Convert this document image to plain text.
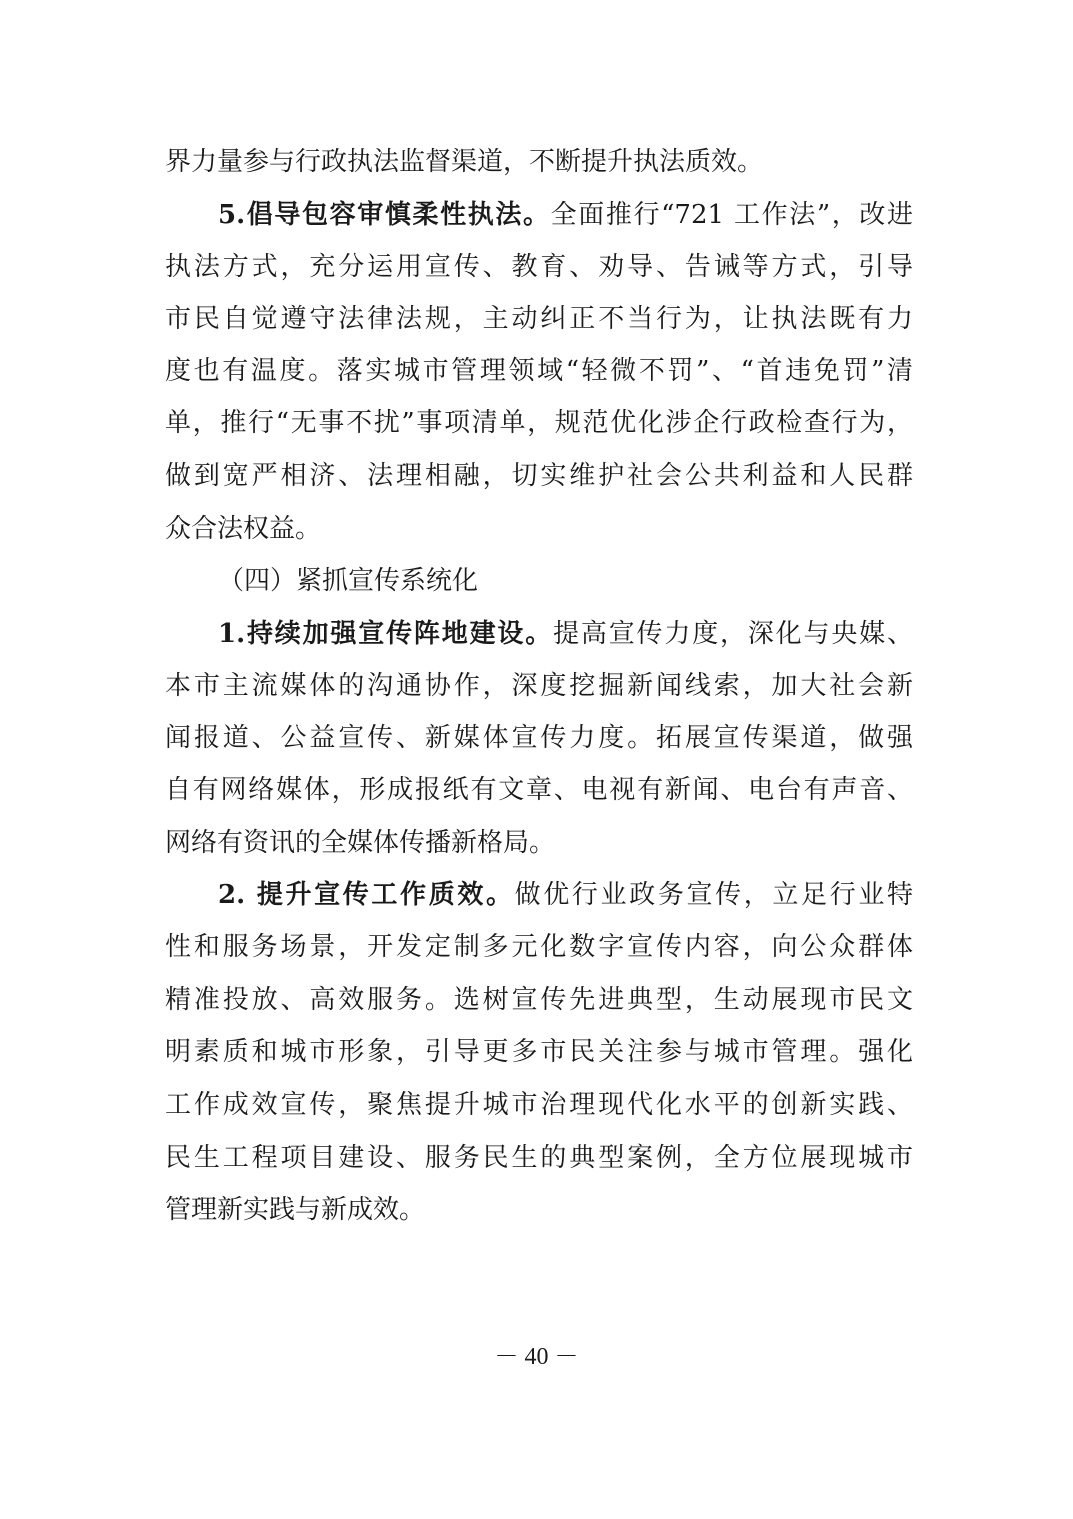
界力量参与行政执法监督渠道，不断提升执法质效。
5.倡导包容审慎柔性执法。全面推行“721 工作法”，改进
执法方式，充分运用宣传、教育、劝导、告诫等方式，引导
市民自觉遵守法律法规，主动纠正不当行为，让执法既有力
度也有温度。落实城市管理领域“轻微不罚”、“首违免罚”清
单，推行“无事不扰”事项清单，规范优化涉企行政检查行为，
做到宽严相济、法理相融，切实维护社会公共利益和人民群
众合法权益。
（四）紧抓宣传系统化
1.持续加强宣传阵地建设。提高宣传力度，深化与央媒、
本市主流媒体的沟通协作，深度挖掘新闻线索，加大社会新
闻报道、公益宣传、新媒体宣传力度。拓展宣传渠道，做强
自有网络媒体，形成报纸有文章、电视有新闻、电台有声音、
网络有资讯的全媒体传播新格局。
2. 提升宣传工作质效。做优行业政务宣传，立足行业特
性和服务场景，开发定制多元化数字宣传内容，向公众群体
精准投放、高效服务。选树宣传先进典型，生动展现市民文
明素质和城市形象，引导更多市民关注参与城市管理。强化
工作成效宣传，聚焦提升城市治理现代化水平的创新实践、
民生工程项目建设、服务民生的典型案例，全方位展现城市
管理新实践与新成效。
－ 40 －
